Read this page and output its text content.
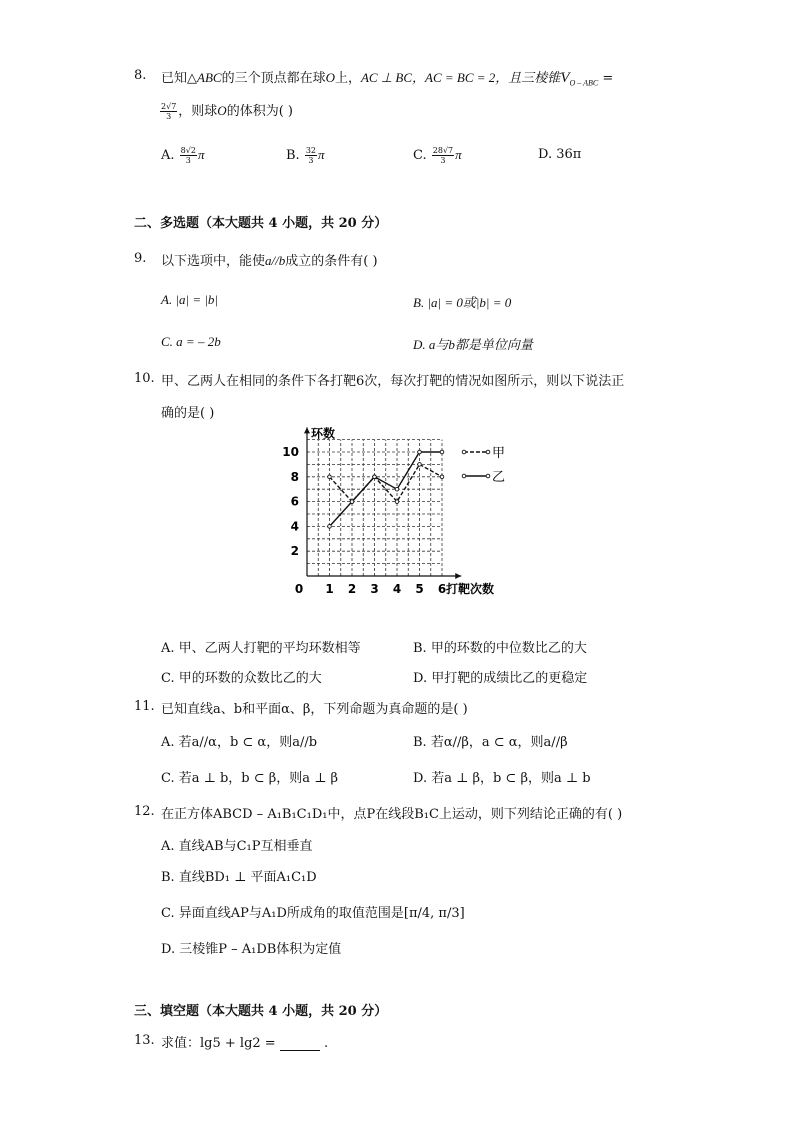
8. 已知△ABC的三个顶点都在球O上，AC ⊥ BC，AC = BC = 2，且三棱锥$V_{O - ABC}$ =
$\frac{2√7}{3}$ ，则球O的体积为( )
A. $\frac{8√2}{3}$ π	B. $\frac{32}{3}$ π	C. $\frac{28√7}{3}$ π	D. 36π
二、多选题（本大题共 4 小题，共 20 分）
9. 以下选项中，能使a//b成立的条件有( )
A. |a| = |b|	B. |a| = 0或|b| = 0
C. a = – 2b	D. a与b都是单位向量
10. 甲、乙两人在相同的条件下各打靶6次，每次打靶的情况如图所示，则以下说法正
确的是( )
0 1 2 3 4 5 6
2
4
6
8
10
打靶次数
环数
甲
乙
A. 甲、乙两人打靶的平均环数相等	B. 甲的环数的中位数比乙的大
C. 甲的环数的众数比乙的大	D. 甲打靶的成绩比乙的更稳定
11. 已知直线a、b和平面α、β，下列命题为真命题的是( )
A. 若a//α，b ⊂ α，则a//b	B. 若α//β，a ⊂ α，则a//β
C. 若a ⊥ b，b ⊂ β，则a ⊥ β	D. 若a ⊥ β，b ⊂ β，则a ⊥ b
12. 在正方体ABCD – A₁B₁C₁D₁中，点P在线段B₁C上运动，则下列结论正确的有( )
A. 直线AB与C₁P互相垂直
B. 直线BD₁ ⊥ 平面A₁C₁D
C. 异面直线AP与A₁D所成角的取值范围是[π/4, π/3]
D. 三棱锥P – A₁DB体积为定值
三、填空题（本大题共 4 小题，共 20 分）
13. 求值：lg5 + lg2 =	.
